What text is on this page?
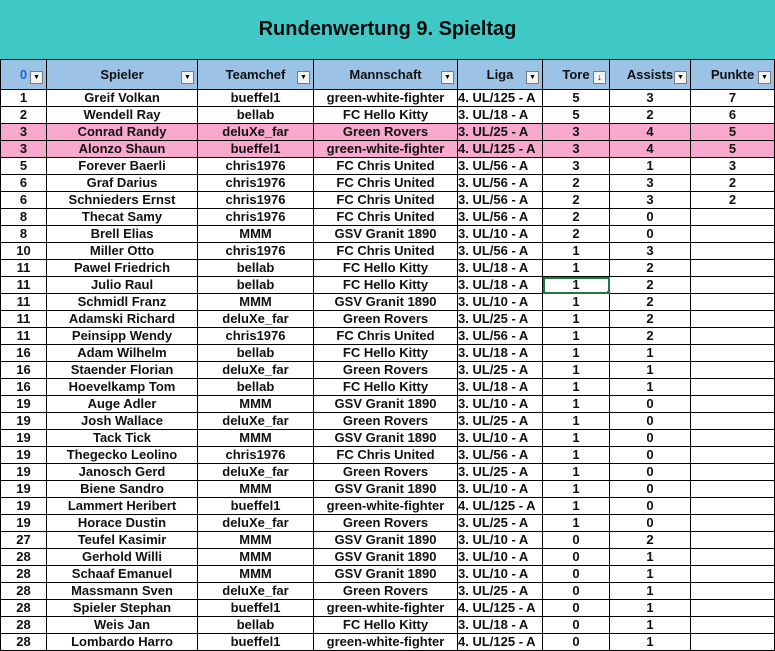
Rundenwertung 9. Spieltag
0 ▼	Spieler ▼	Teamchef ▼	Mannschaft ▼	Liga ▼	Tore ↓	Assists ▼	Punkte ▼

1	Greif Volkan	bueffel1	green-white-fighter	4. UL/125 - A	5	3	7
2	Wendell Ray	bellab	FC Hello Kitty	3. UL/18 - A	5	2	6
3	Conrad Randy	deluXe_far	Green Rovers	3. UL/25 - A	3	4	5
3	Alonzo Shaun	bueffel1	green-white-fighter	4. UL/125 - A	3	4	5
5	Forever Baerli	chris1976	FC Chris United	3. UL/56 - A	3	1	3
6	Graf Darius	chris1976	FC Chris United	3. UL/56 - A	2	3	2
6	Schnieders Ernst	chris1976	FC Chris United	3. UL/56 - A	2	3	2
8	Thecat Samy	chris1976	FC Chris United	3. UL/56 - A	2	0	
8	Brell Elias	MMM	GSV Granit 1890	3. UL/10 - A	2	0	
10	Miller Otto	chris1976	FC Chris United	3. UL/56 - A	1	3	
11	Pawel Friedrich	bellab	FC Hello Kitty	3. UL/18 - A	1	2	
11	Julio Raul	bellab	FC Hello Kitty	3. UL/18 - A	1	2	
11	Schmidl Franz	MMM	GSV Granit 1890	3. UL/10 - A	1	2	
11	Adamski Richard	deluXe_far	Green Rovers	3. UL/25 - A	1	2	
11	Peinsipp Wendy	chris1976	FC Chris United	3. UL/56 - A	1	2	
16	Adam Wilhelm	bellab	FC Hello Kitty	3. UL/18 - A	1	1	
16	Staender Florian	deluXe_far	Green Rovers	3. UL/25 - A	1	1	
16	Hoevelkamp Tom	bellab	FC Hello Kitty	3. UL/18 - A	1	1	
19	Auge Adler	MMM	GSV Granit 1890	3. UL/10 - A	1	0	
19	Josh Wallace	deluXe_far	Green Rovers	3. UL/25 - A	1	0	
19	Tack Tick	MMM	GSV Granit 1890	3. UL/10 - A	1	0	
19	Thegecko Leolino	chris1976	FC Chris United	3. UL/56 - A	1	0	
19	Janosch Gerd	deluXe_far	Green Rovers	3. UL/25 - A	1	0	
19	Biene Sandro	MMM	GSV Granit 1890	3. UL/10 - A	1	0	
19	Lammert Heribert	bueffel1	green-white-fighter	4. UL/125 - A	1	0	
19	Horace Dustin	deluXe_far	Green Rovers	3. UL/25 - A	1	0	
27	Teufel Kasimir	MMM	GSV Granit 1890	3. UL/10 - A	0	2	
28	Gerhold Willi	MMM	GSV Granit 1890	3. UL/10 - A	0	1	
28	Schaaf Emanuel	MMM	GSV Granit 1890	3. UL/10 - A	0	1	
28	Massmann Sven	deluXe_far	Green Rovers	3. UL/25 - A	0	1	
28	Spieler Stephan	bueffel1	green-white-fighter	4. UL/125 - A	0	1	
28	Weis Jan	bellab	FC Hello Kitty	3. UL/18 - A	0	1	
28	Lombardo Harro	bueffel1	green-white-fighter	4. UL/125 - A	0	1	
